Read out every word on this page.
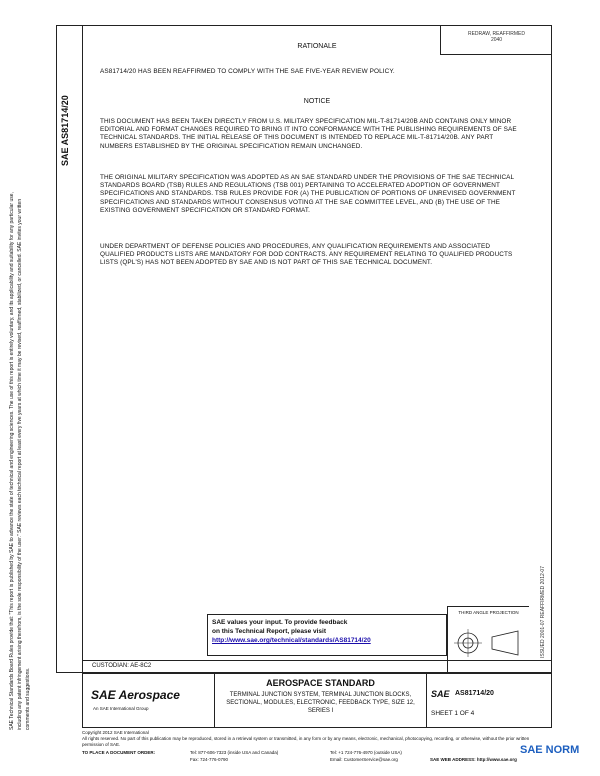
REDRAW, REAFFIRMED
2040
RATIONALE
AS81714/20 HAS BEEN REAFFIRMED TO COMPLY WITH THE SAE FIVE-YEAR REVIEW POLICY.
NOTICE
THIS DOCUMENT HAS BEEN TAKEN DIRECTLY FROM U.S. MILITARY SPECIFICATION MIL-T-81714/20B AND CONTAINS ONLY MINOR EDITORIAL AND FORMAT CHANGES REQUIRED TO BRING IT INTO CONFORMANCE WITH THE PUBLISHING REQUIREMENTS OF SAE TECHNICAL STANDARDS. THE INITIAL RELEASE OF THIS DOCUMENT IS INTENDED TO REPLACE MIL-T-81714/20B. ANY PART NUMBERS ESTABLISHED BY THE ORIGINAL SPECIFICATION REMAIN UNCHANGED.
THE ORIGINAL MILITARY SPECIFICATION WAS ADOPTED AS AN SAE STANDARD UNDER THE PROVISIONS OF THE SAE TECHNICAL STANDARDS BOARD (TSB) RULES AND REGULATIONS (TSB 001) PERTAINING TO ACCELERATED ADOPTION OF GOVERNMENT SPECIFICATIONS AND STANDARDS. TSB RULES PROVIDE FOR (A) THE PUBLICATION OF PORTIONS OF UNREVISED GOVERNMENT SPECIFICATIONS AND STANDARDS WITHOUT CONSENSUS VOTING AT THE SAE COMMITTEE LEVEL, AND (B) THE USE OF THE EXISTING GOVERNMENT SPECIFICATION OR STANDARD FORMAT.
UNDER DEPARTMENT OF DEFENSE POLICIES AND PROCEDURES, ANY QUALIFICATION REQUIREMENTS AND ASSOCIATED QUALIFIED PRODUCTS LISTS ARE MANDATORY FOR DOD CONTRACTS. ANY REQUIREMENT RELATING TO QUALIFIED PRODUCTS LISTS (QPL'S) HAS NOT BEEN ADOPTED BY SAE AND IS NOT PART OF THIS SAE TECHNICAL DOCUMENT.
SAE AS81714/20
SAE Technical Standards Board Rules provide that: "This report is published by SAE to advance the state of technical and engineering sciences. The use of this report is entirely voluntary, and its applicability and suitability for any particular use, including any patent infringement arising therefrom, is the sole responsibility of the user." SAE reviews each technical report at least every five years at which time it may be revised, reaffirmed, stabilized, or cancelled. SAE invites your written comments and suggestions.
ISSUED 2001-07 REAFFIRMED 2012-07
SAE values your input. To provide feedback
on this Technical Report, please visit
http://www.sae.org/technical/standards/AS81714/20
THIRD ANGLE PROJECTION
CUSTODIAN: AE-8C2
SAE Aerospace
An SAE International Group
AEROSPACE STANDARD
TERMINAL JUNCTION SYSTEM, TERMINAL JUNCTION BLOCKS, SECTIONAL, MODULES, ELECTRONIC, FEEDBACK TYPE, SIZE 12, SERIES I
SAE AS81714/20
SHEET 1 OF 4
Copyright 2012 SAE International
All rights reserved. No part of this publication may be reproduced, stored in a retrieval system or transmitted, in any form or by any means, electronic, mechanical, photocopying, recording, or otherwise, without the prior written permission of SAE.
TO PLACE A DOCUMENT ORDER:	Tel: 877-606-7323 (inside USA and Canada)
Fax: 724-776-0790
Tel: +1 724-776-4970 (outside USA)
Email: CustomerService@sae.org	SAE WEB ADDRESS: http://www.sae.org
SAE NORM
